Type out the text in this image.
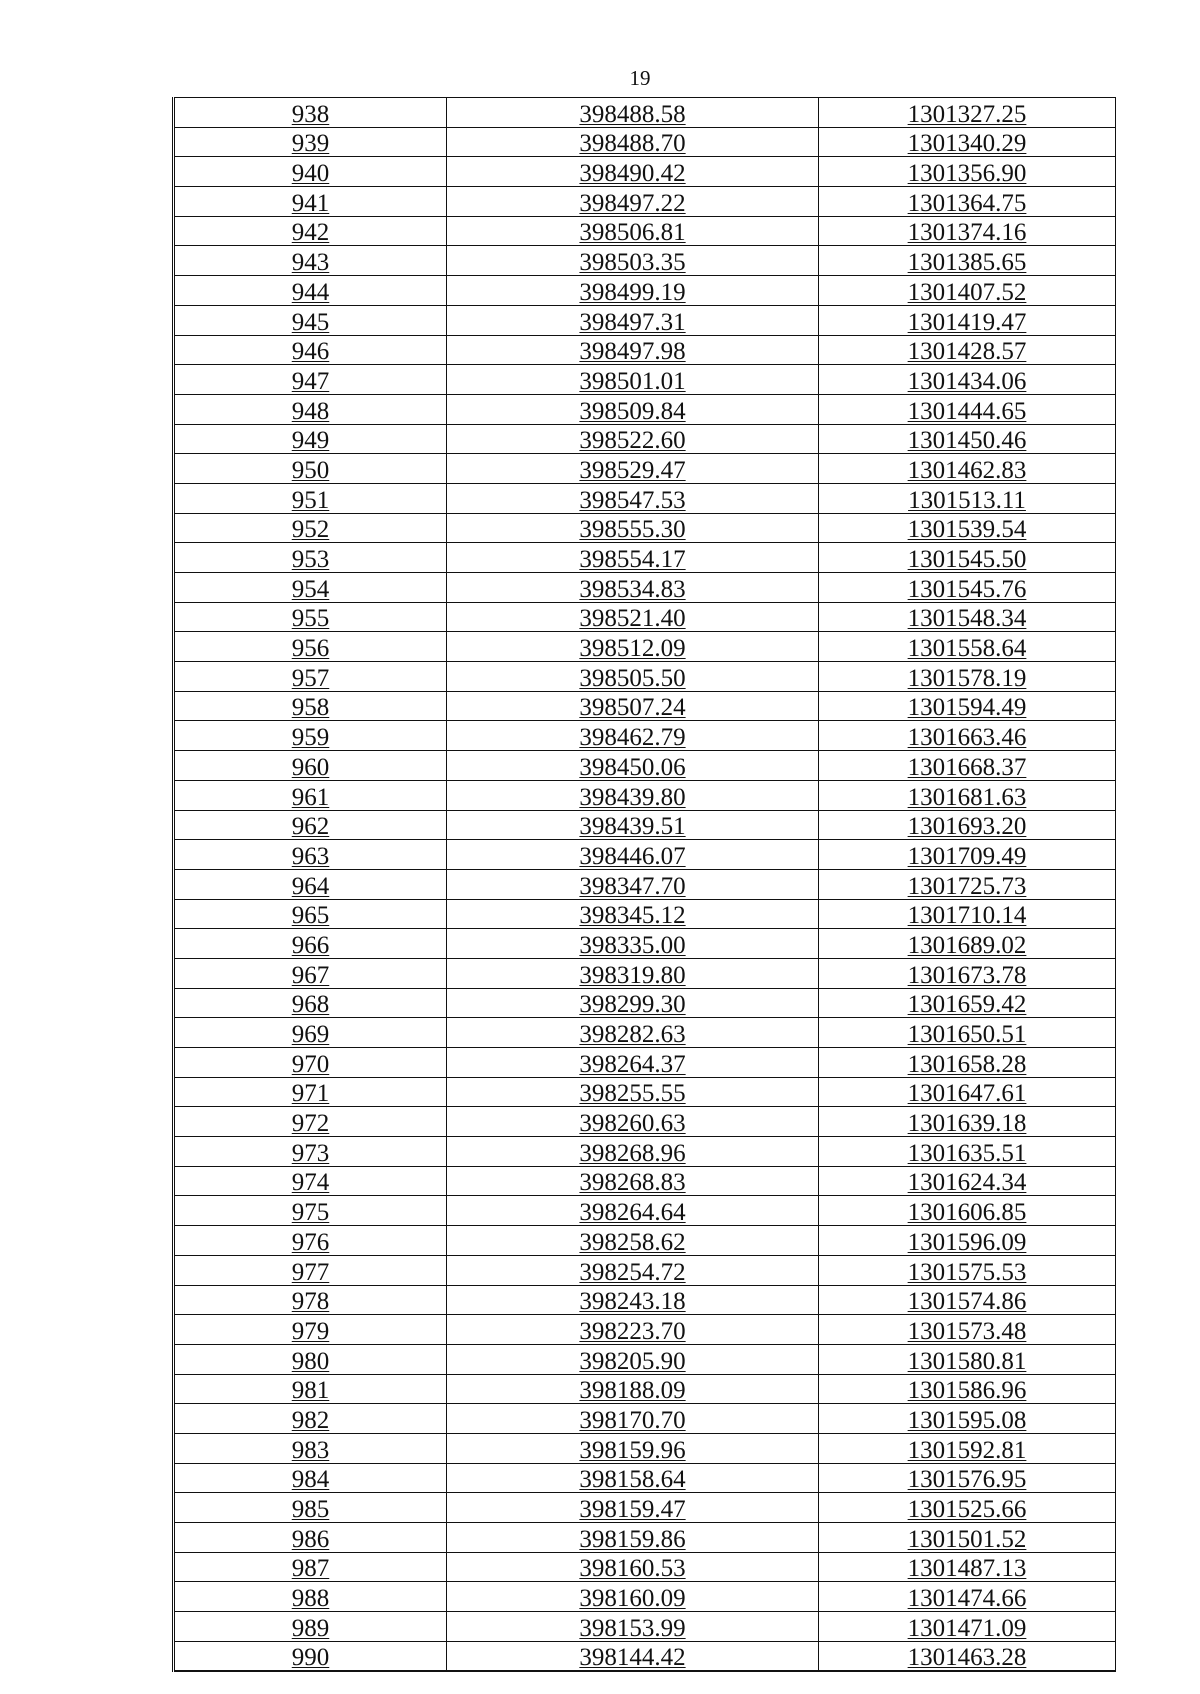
19
938	398488.58	1301327.25
939	398488.70	1301340.29
940	398490.42	1301356.90
941	398497.22	1301364.75
942	398506.81	1301374.16
943	398503.35	1301385.65
944	398499.19	1301407.52
945	398497.31	1301419.47
946	398497.98	1301428.57
947	398501.01	1301434.06
948	398509.84	1301444.65
949	398522.60	1301450.46
950	398529.47	1301462.83
951	398547.53	1301513.11
952	398555.30	1301539.54
953	398554.17	1301545.50
954	398534.83	1301545.76
955	398521.40	1301548.34
956	398512.09	1301558.64
957	398505.50	1301578.19
958	398507.24	1301594.49
959	398462.79	1301663.46
960	398450.06	1301668.37
961	398439.80	1301681.63
962	398439.51	1301693.20
963	398446.07	1301709.49
964	398347.70	1301725.73
965	398345.12	1301710.14
966	398335.00	1301689.02
967	398319.80	1301673.78
968	398299.30	1301659.42
969	398282.63	1301650.51
970	398264.37	1301658.28
971	398255.55	1301647.61
972	398260.63	1301639.18
973	398268.96	1301635.51
974	398268.83	1301624.34
975	398264.64	1301606.85
976	398258.62	1301596.09
977	398254.72	1301575.53
978	398243.18	1301574.86
979	398223.70	1301573.48
980	398205.90	1301580.81
981	398188.09	1301586.96
982	398170.70	1301595.08
983	398159.96	1301592.81
984	398158.64	1301576.95
985	398159.47	1301525.66
986	398159.86	1301501.52
987	398160.53	1301487.13
988	398160.09	1301474.66
989	398153.99	1301471.09
990	398144.42	1301463.28
